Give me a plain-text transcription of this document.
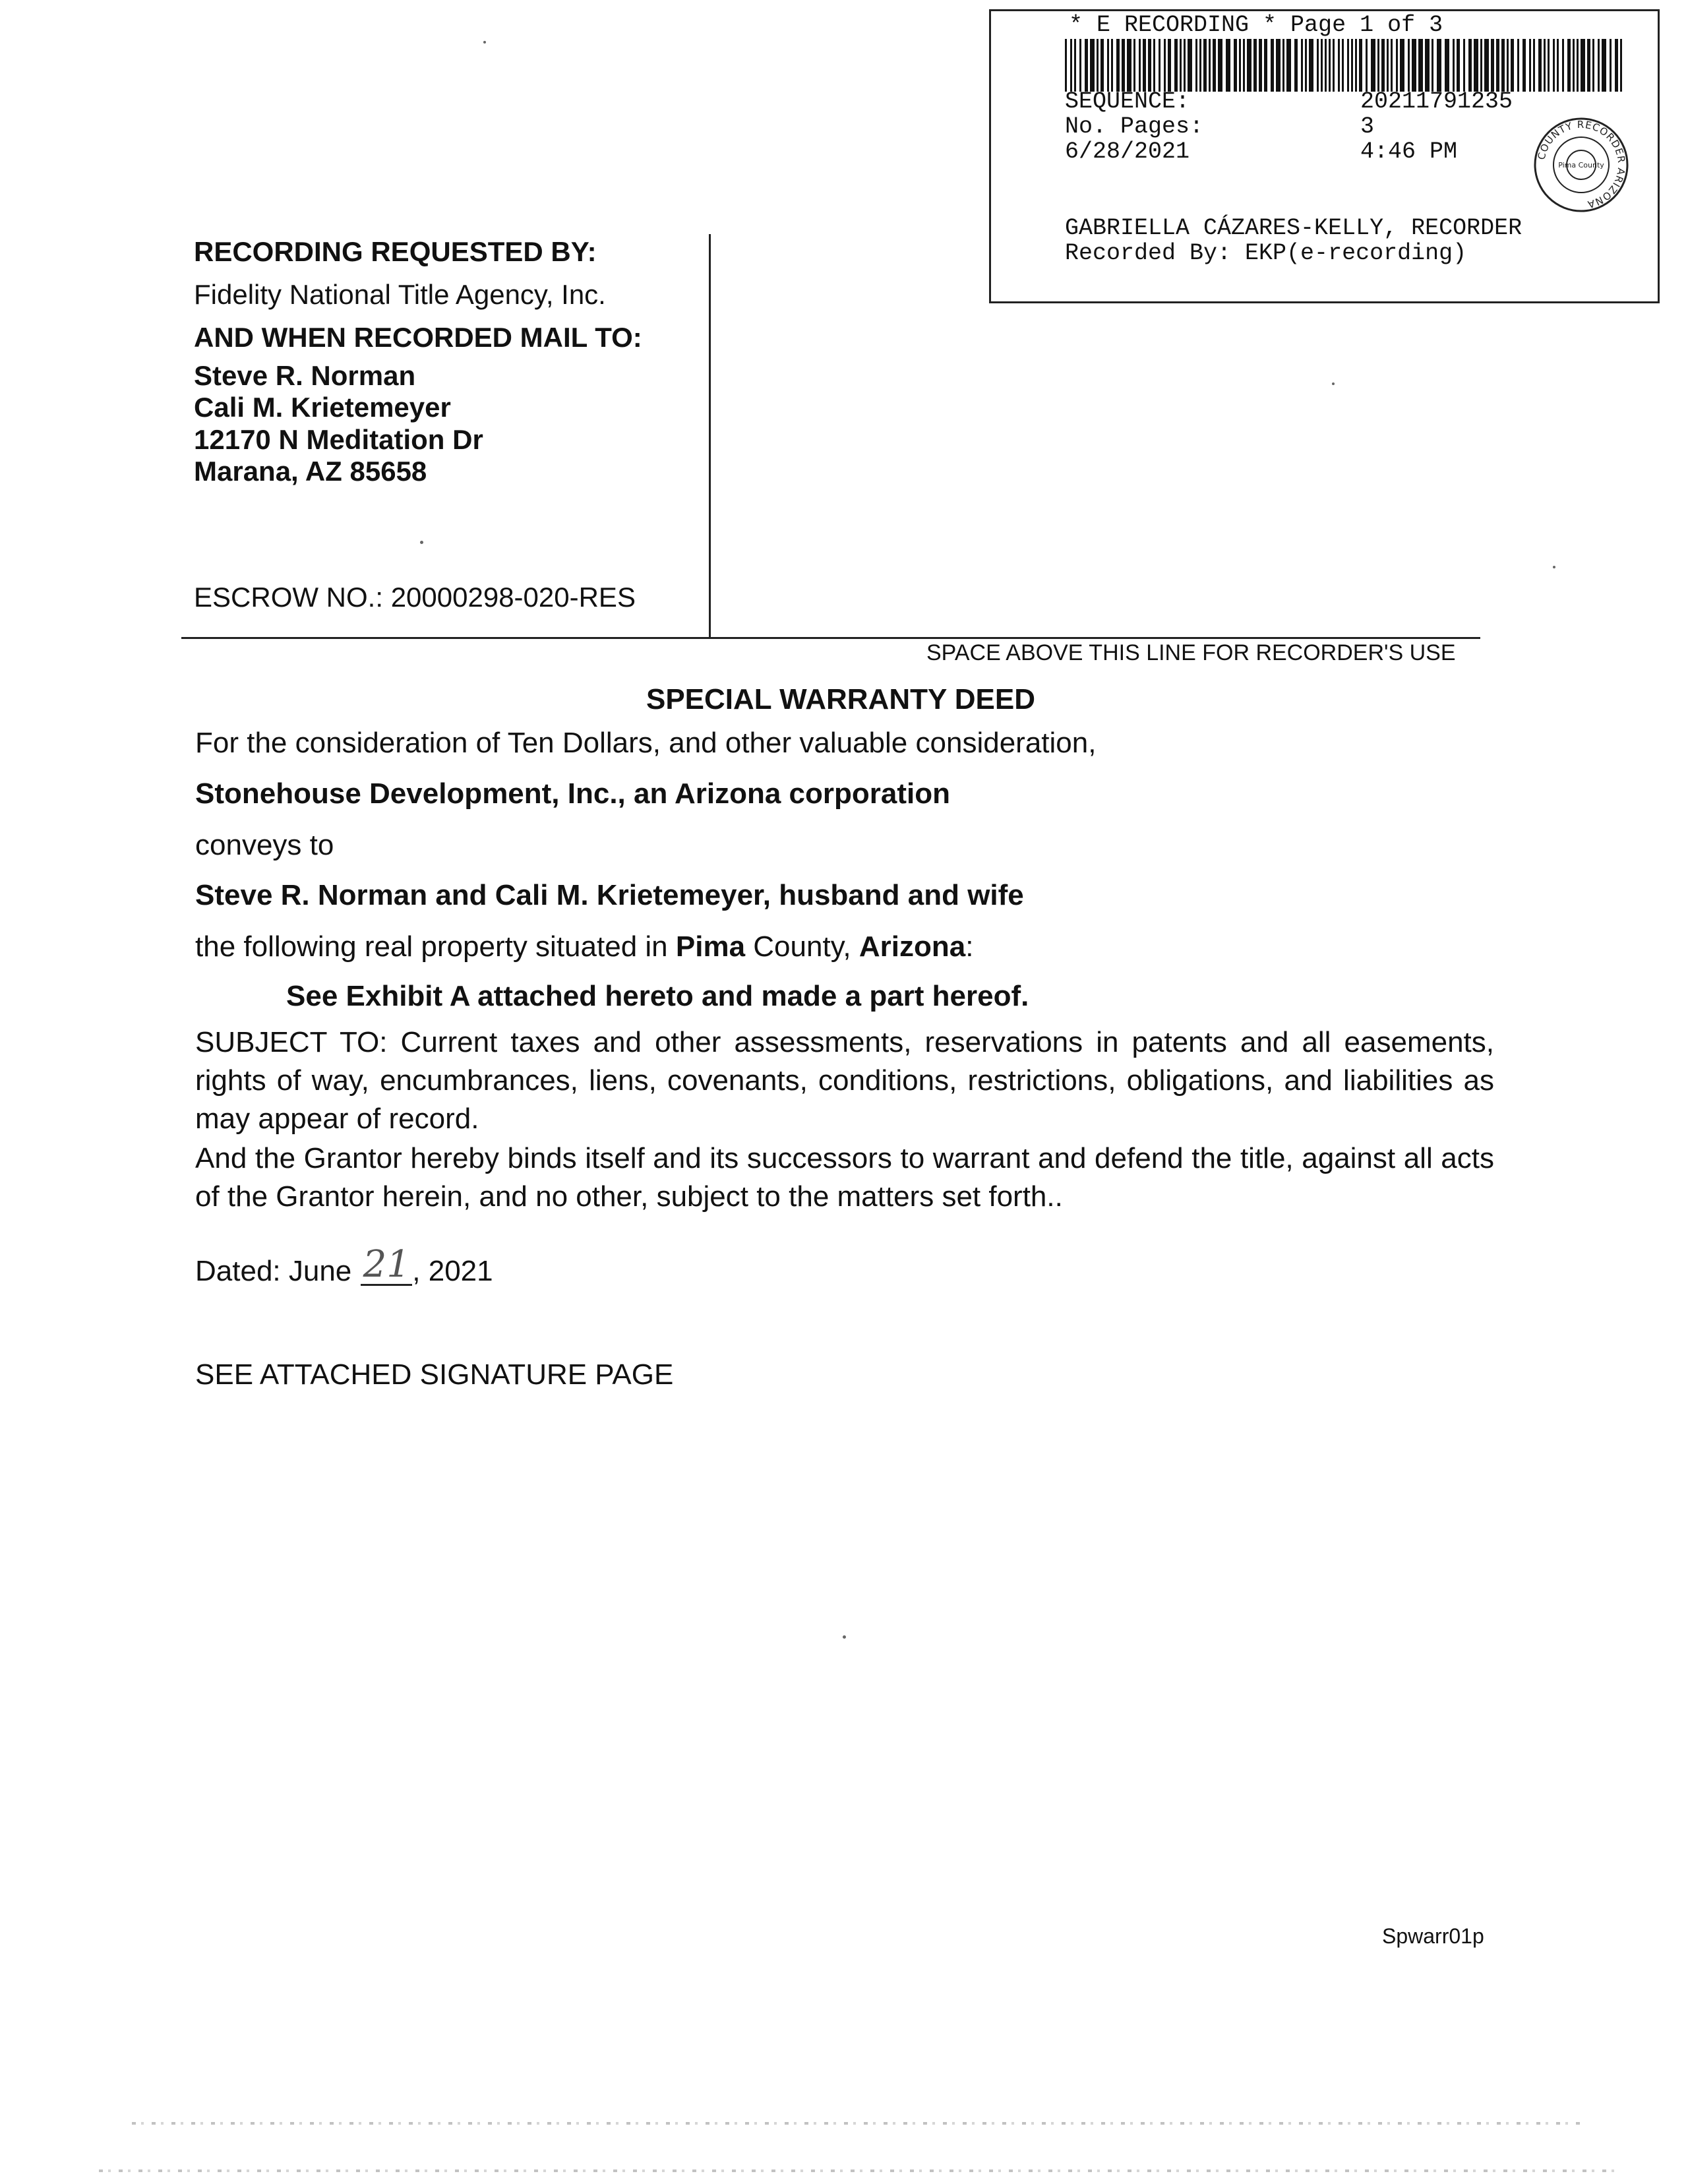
* E RECORDING * Page 1 of 3
SEQUENCE:	20211791235
No. Pages:	3
6/28/2021	4:46 PM	COUNTY RECORDER ARIZONA
Pima County
GABRIELLA CÁZARES-KELLY, RECORDER
Recorded By: EKP(e-recording)
RECORDING REQUESTED BY:
Fidelity National Title Agency, Inc.
AND WHEN RECORDED MAIL TO:
Steve R. Norman
Cali M. Krietemeyer
12170 N Meditation Dr
Marana, AZ 85658
ESCROW NO.: 20000298-020-RES
SPACE ABOVE THIS LINE FOR RECORDER'S USE
SPECIAL WARRANTY DEED
For the consideration of Ten Dollars, and other valuable consideration,
Stonehouse Development, Inc., an Arizona corporation
conveys to
Steve R. Norman and Cali M. Krietemeyer, husband and wife
the following real property situated in Pima County, Arizona:
See Exhibit A attached hereto and made a part hereof.
SUBJECT TO: Current taxes and other assessments, reservations in patents and all easements, rights of way, encumbrances, liens, covenants, conditions, restrictions, obligations, and liabilities as may appear of record.
And the Grantor hereby binds itself and its successors to warrant and defend the title, against all acts of the Grantor herein, and no other, subject to the matters set forth..
Dated: June 21, 2021
SEE ATTACHED SIGNATURE PAGE
Spwarr01p
